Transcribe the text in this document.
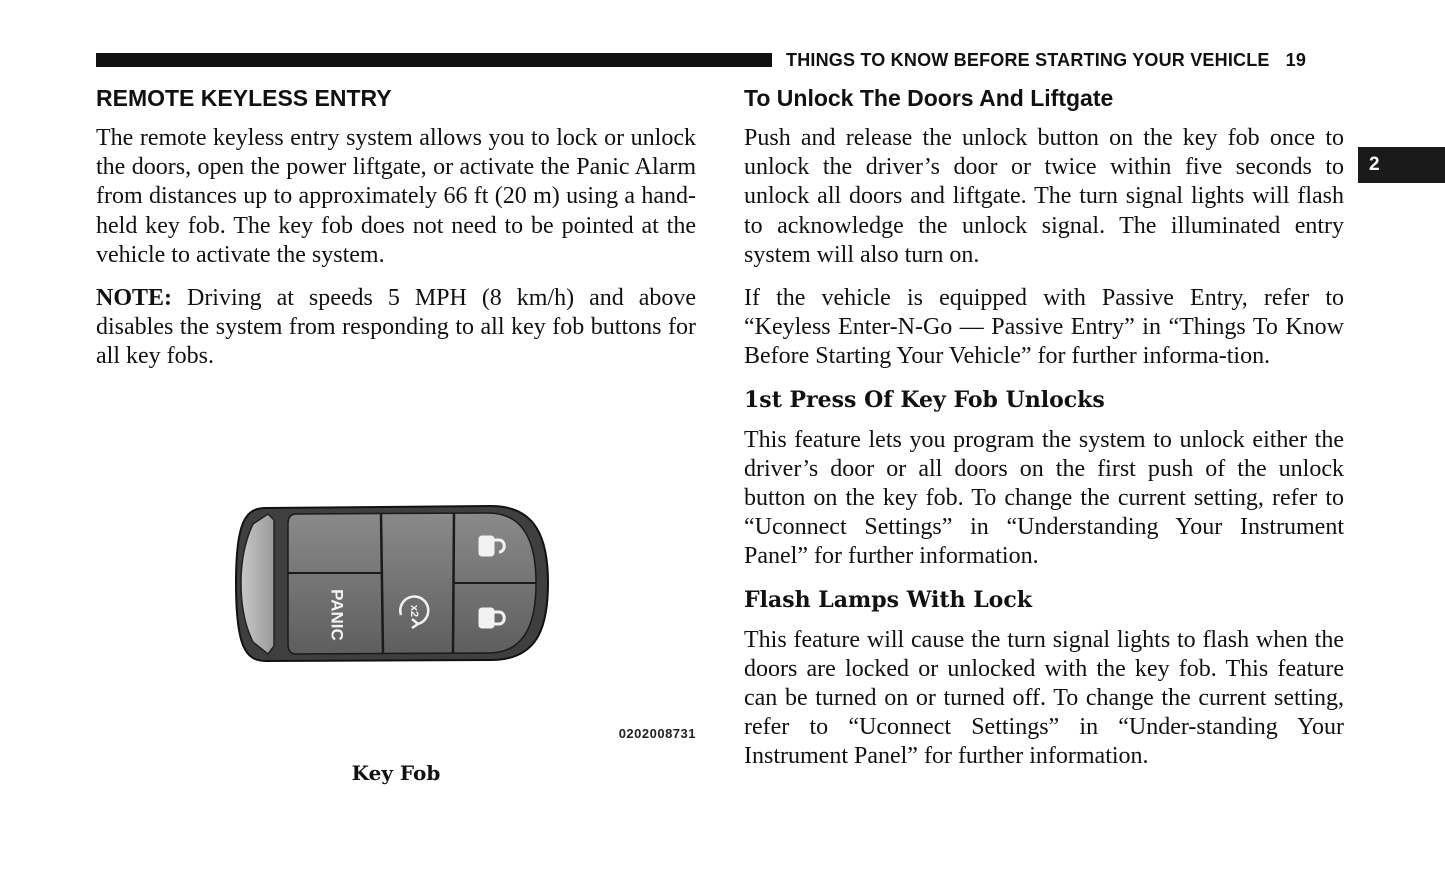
THINGS TO KNOW BEFORE STARTING YOUR VEHICLE 19
2
REMOTE KEYLESS ENTRY

The remote keyless entry system allows you to lock or unlock the doors, open the power liftgate, or activate the Panic Alarm from distances up to approximately 66 ft (20 m) using a hand-held key fob. The key fob does not need to be pointed at the vehicle to activate the system.

NOTE: Driving at speeds 5 MPH (8 km/h) and above disables the system from responding to all key fob buttons for all key fobs.

x2
PANIC
0202008731
Key Fob
To Unlock The Doors And Liftgate

Push and release the unlock button on the key fob once to unlock the driver’s door or twice within five seconds to unlock all doors and liftgate. The turn signal lights will flash to acknowledge the unlock signal. The illuminated entry system will also turn on.

If the vehicle is equipped with Passive Entry, refer to “Keyless Enter-N-Go — Passive Entry” in “Things To Know Before Starting Your Vehicle” for further informa-tion.

1st Press Of Key Fob Unlocks

This feature lets you program the system to unlock either the driver’s door or all doors on the first push of the unlock button on the key fob. To change the current setting, refer to “Uconnect Settings” in “Understanding Your Instrument Panel” for further information.

Flash Lamps With Lock

This feature will cause the turn signal lights to flash when the doors are locked or unlocked with the key fob. This feature can be turned on or turned off. To change the current setting, refer to “Uconnect Settings” in “Under-standing Your Instrument Panel” for further information.
